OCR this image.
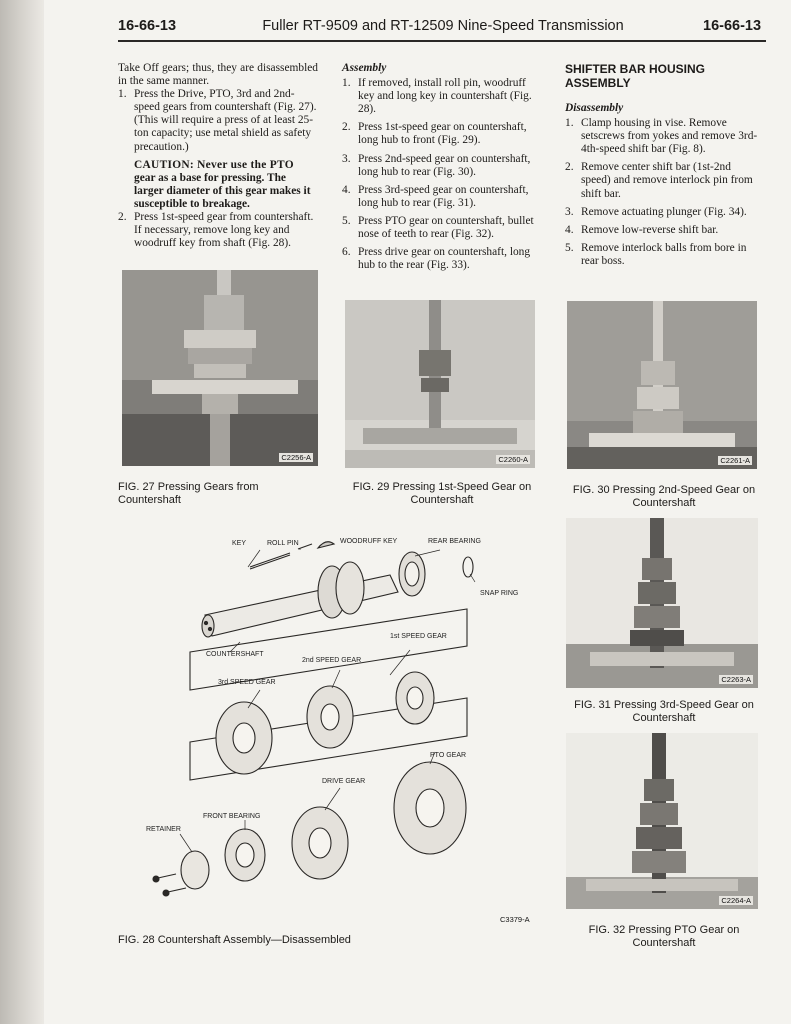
16-66-13	Fuller RT-9509 and RT-12509 Nine-Speed Transmission	16-66-13

Take Off gears; thus, they are disassembled in the same manner.

1. Press the Drive, PTO, 3rd and 2nd-speed gears from countershaft (Fig. 27). (This will require a press of at least 25-ton capacity; use metal shield as safety precaution.)

CAUTION: Never use the PTO gear as a base for pressing. The larger diameter of this gear makes it susceptible to breakage.

2. Press 1st-speed gear from countershaft. If necessary, remove long key and woodruff key from shaft (Fig. 28).
Assembly
1. If removed, install roll pin, woodruff key and long key in countershaft (Fig. 28).
2. Press 1st-speed gear on countershaft, long hub to front (Fig. 29).
3. Press 2nd-speed gear on countershaft, long hub to rear (Fig. 30).
4. Press 3rd-speed gear on countershaft, long hub to rear (Fig. 31).
5. Press PTO gear on countershaft, bullet nose of teeth to rear (Fig. 32).
6. Press drive gear on countershaft, long hub to the rear (Fig. 33).
SHIFTER BAR HOUSING ASSEMBLY
Disassembly
1. Clamp housing in vise. Remove setscrews from yokes and remove 3rd-4th-speed shift bar (Fig. 8).
2. Remove center shift bar (1st-2nd speed) and remove interlock pin from shift bar.
3. Remove actuating plunger (Fig. 34).
4. Remove low-reverse shift bar.
5. Remove interlock balls from bore in rear boss.
C2256-A
FIG. 27 Pressing Gears from Countershaft
C2260-A
FIG. 29 Pressing 1st-Speed Gear on Countershaft
C2261-A
FIG. 30 Pressing 2nd-Speed Gear on Countershaft
C2263-A
FIG. 31 Pressing 3rd-Speed Gear on Countershaft
C2264-A
FIG. 32 Pressing PTO Gear on Countershaft
KEY	ROLL PIN	WOODRUFF KEY	REAR BEARING
SNAP RING
1st SPEED GEAR
COUNTERSHAFT
2nd SPEED GEAR
3rd SPEED GEAR
PTO GEAR
DRIVE GEAR
FRONT BEARING
RETAINER
C3379-A
FIG. 28 Countershaft Assembly—Disassembled
